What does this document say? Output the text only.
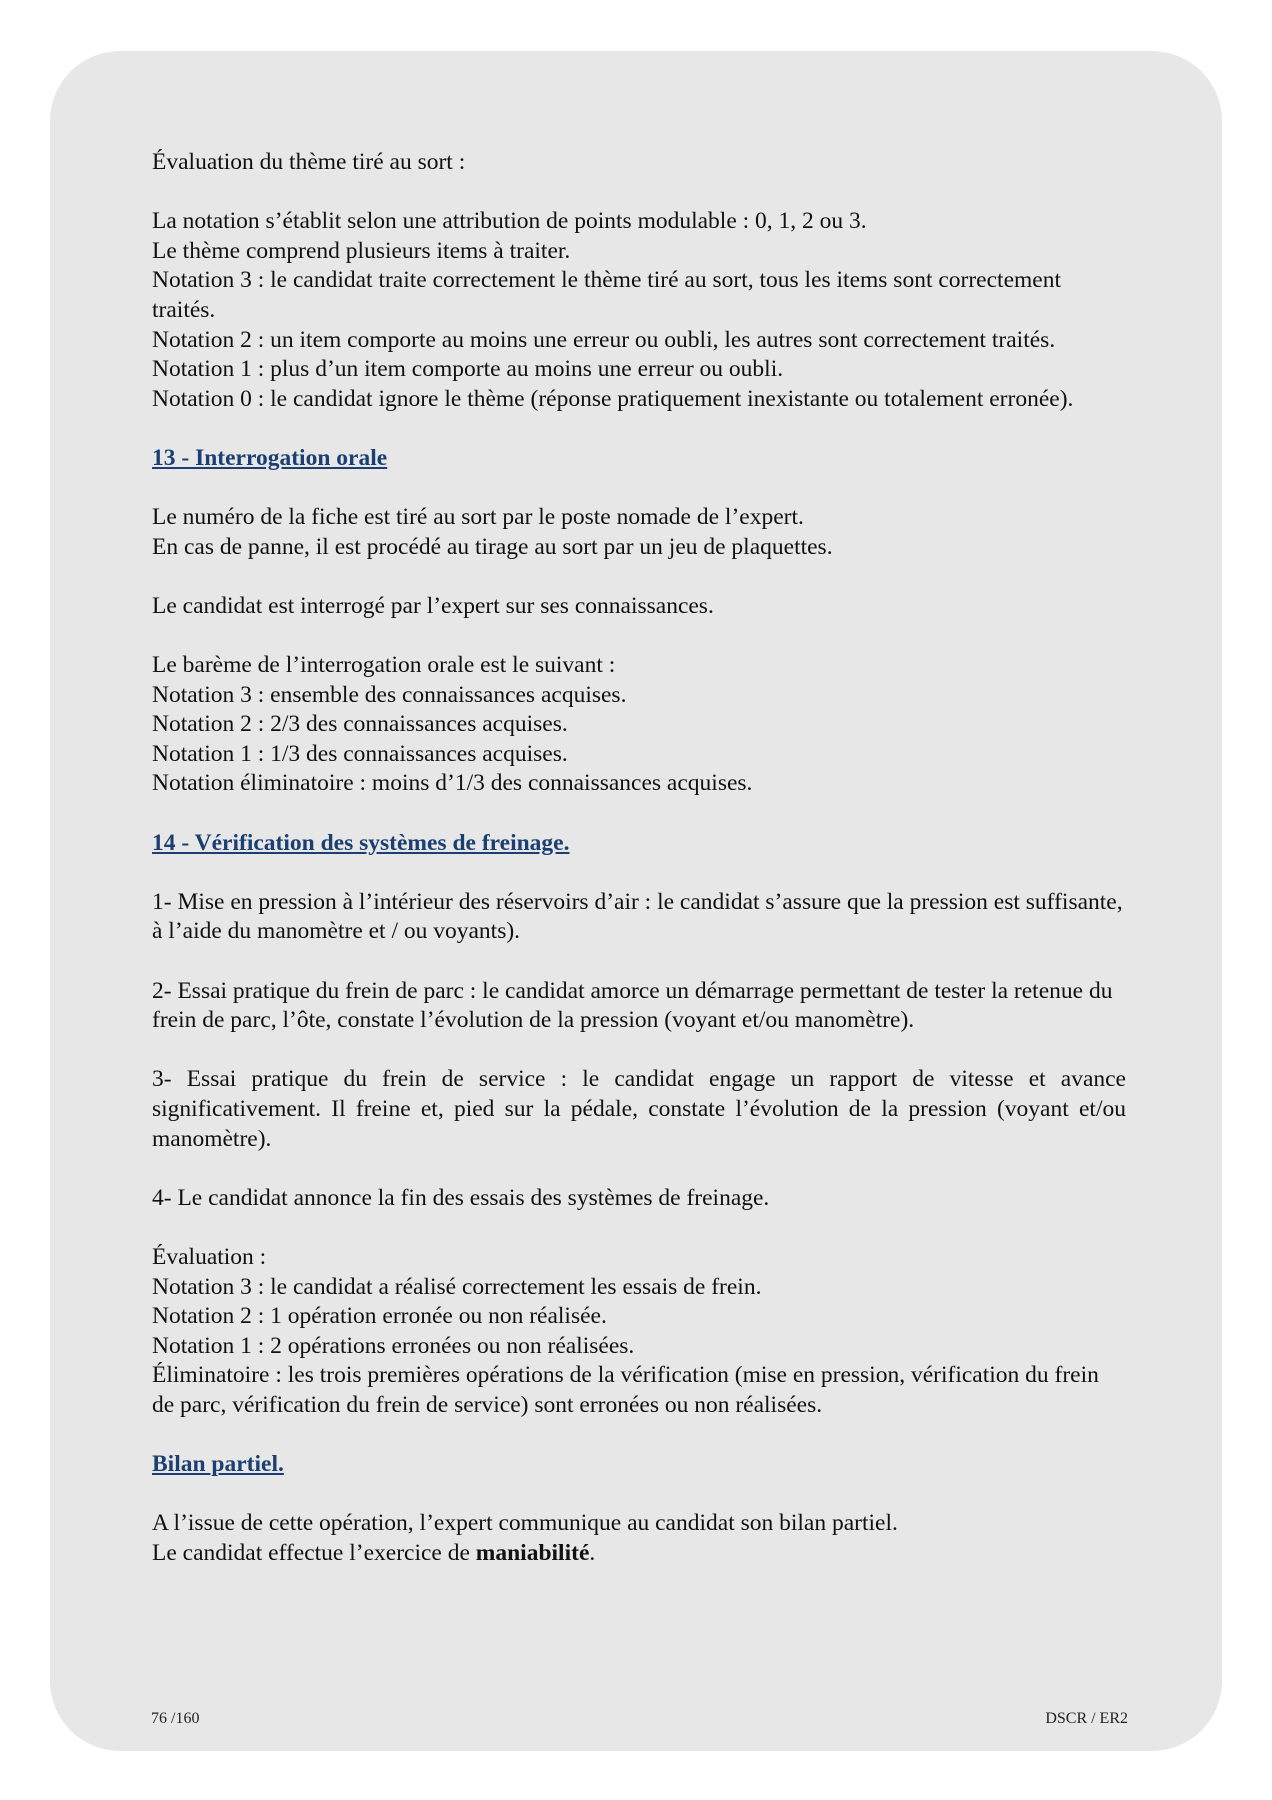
Évaluation du thème tiré au sort :

La notation s’établit selon une attribution de points modulable : 0, 1, 2 ou 3.

Le thème comprend plusieurs items à traiter.

Notation 3 : le candidat traite correctement le thème tiré au sort, tous les items sont correctement traités.

Notation 2 : un item comporte au moins une erreur ou oubli, les autres sont correctement traités.

Notation 1 : plus d’un item comporte au moins une erreur ou oubli.

Notation 0 : le candidat ignore le thème (réponse pratiquement inexistante ou totalement erronée).

13 - Interrogation orale

Le numéro de la fiche est tiré au sort par le poste nomade de l’expert.

En cas de panne, il est procédé au tirage au sort par un jeu de plaquettes.

Le candidat est interrogé par l’expert sur ses connaissances.

Le barème de l’interrogation orale est le suivant :

Notation 3 : ensemble des connaissances acquises.

Notation 2 : 2/3 des connaissances acquises.

Notation 1 : 1/3 des connaissances acquises.

Notation éliminatoire : moins d’1/3 des connaissances acquises.

14 - Vérification des systèmes de freinage.

1- Mise en pression à l’intérieur des réservoirs d’air : le candidat s’assure que la pression est suffisante, à l’aide du manomètre et / ou voyants).

2- Essai pratique du frein de parc : le candidat amorce un démarrage permettant de tester la retenue du frein de parc, l’ôte, constate l’évolution de la pression (voyant et/ou manomètre).

3- Essai pratique du frein de service : le candidat engage un rapport de vitesse et avance significativement. Il freine et, pied sur la pédale, constate l’évolution de la pression (voyant et/ou manomètre).

4- Le candidat annonce la fin des essais des systèmes de freinage.

Évaluation :

Notation 3 : le candidat a réalisé correctement les essais de frein.

Notation 2 : 1 opération erronée ou non réalisée.

Notation 1 : 2 opérations erronées ou non réalisées.

Éliminatoire : les trois premières opérations de la vérification (mise en pression, vérification du frein de parc, vérification du frein de service) sont erronées ou non réalisées.

Bilan partiel.

A l’issue de cette opération, l’expert communique au candidat son bilan partiel.

Le candidat effectue l’exercice de maniabilité.

76 /160	DSCR / ER2
